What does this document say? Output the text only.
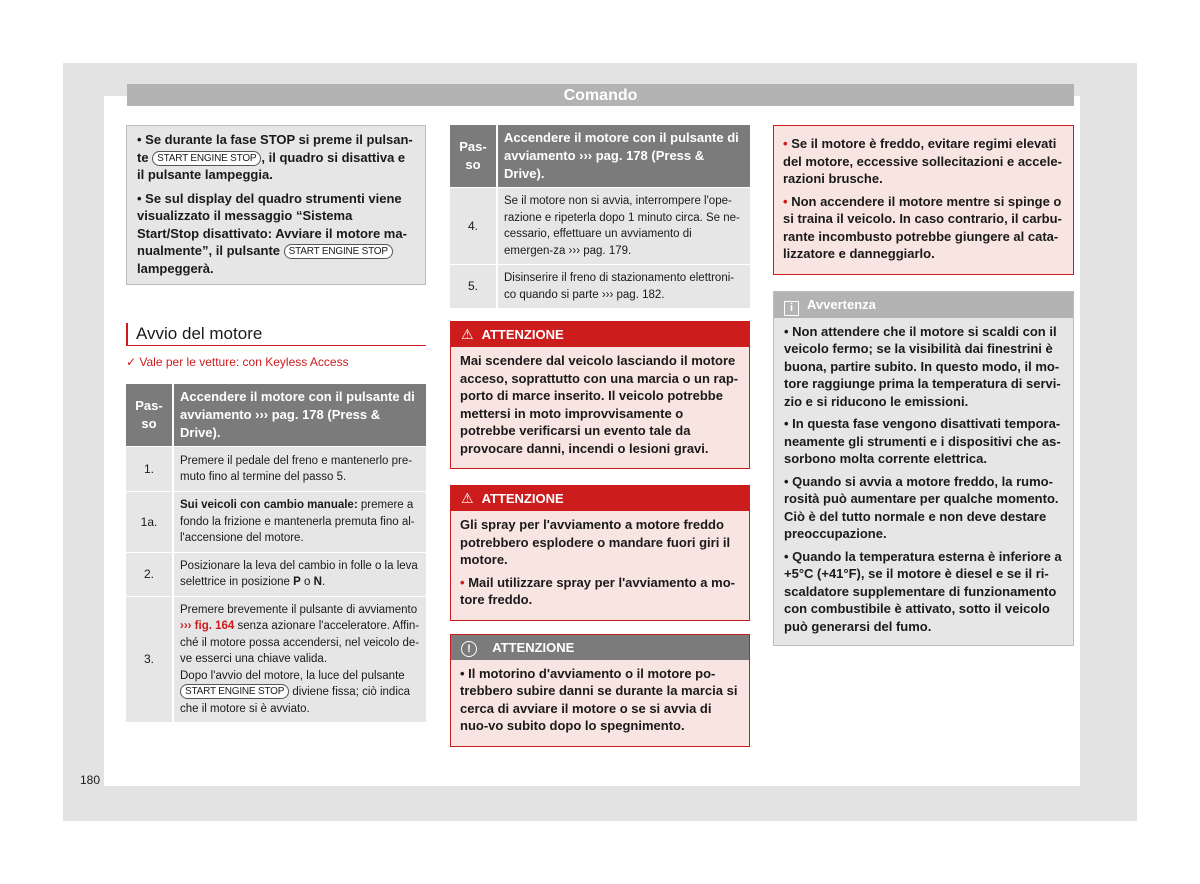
Comando

• Se durante la fase STOP si preme il pulsan-te START ENGINE STOP , il quadro si disattiva e il pulsante lampeggia.

• Se sul display del quadro strumenti viene visualizzato il messaggio “Sistema Start/Stop disattivato: Avviare il motore ma-nualmente”, il pulsante START ENGINE STOP lampeggerà.

Avvio del motore
✓ Vale per le vetture: con Keyless Access
Pas-so	Accendere il motore con il pulsante di avviamento ››› pag. 178 (Press & Drive).
1.	Premere il pedale del freno e mantenerlo pre-muto fino al termine del passo 5.
1a.	Sui veicoli con cambio manuale: premere a fondo la frizione e mantenerla premuta fino al-l'accensione del motore.
2.	Posizionare la leva del cambio in folle o la leva selettrice in posizione P o N.
3.	Premere brevemente il pulsante di avviamento ››› fig. 164 senza azionare l'acceleratore. Affin-ché il motore possa accendersi, nel veicolo de-ve esserci una chiave valida.
Dopo l'avvio del motore, la luce del pulsante START ENGINE STOP diviene fissa; ciò indica che il motore si è avviato.
Pas-so	Accendere il motore con il pulsante di avviamento ››› pag. 178 (Press & Drive).
4.	Se il motore non si avvia, interrompere l'ope-razione e ripeterla dopo 1 minuto circa. Se ne-cessario, effettuare un avviamento di emergen-za ››› pag. 179.
5.	Disinserire il freno di stazionamento elettroni-co quando si parte ››› pag. 182.
⚠ ATTENZIONE

Mai scendere dal veicolo lasciando il motore acceso, soprattutto con una marcia o un rap-porto di marce inserito. Il veicolo potrebbe mettersi in moto improvvisamente o potrebbe verificarsi un evento tale da provocare danni, incendi o lesioni gravi.

⚠ ATTENZIONE

Gli spray per l'avviamento a motore freddo potrebbero esplodere o mandare fuori giri il motore.

• Mail utilizzare spray per l'avviamento a mo-tore freddo.

! ATTENZIONE

• Il motorino d'avviamento o il motore po-trebbero subire danni se durante la marcia si cerca di avviare il motore o se si avvia di nuo-vo subito dopo lo spegnimento.

• Se il motore è freddo, evitare regimi elevati del motore, eccessive sollecitazioni e accele-razioni brusche.

• Non accendere il motore mentre si spinge o si traina il veicolo. In caso contrario, il carbu-rante incombusto potrebbe giungere al cata-lizzatore e danneggiarlo.

i Avvertenza

• Non attendere che il motore si scaldi con il veicolo fermo; se la visibilità dai finestrini è buona, partire subito. In questo modo, il mo-tore raggiunge prima la temperatura di servi-zio e si riducono le emissioni.

• In questa fase vengono disattivati tempora-neamente gli strumenti e i dispositivi che as-sorbono molta corrente elettrica.

• Quando si avvia a motore freddo, la rumo-rosità può aumentare per qualche momento. Ciò è del tutto normale e non deve destare preoccupazione.

• Quando la temperatura esterna è inferiore a +5°C (+41°F), se il motore è diesel e se il ri-scaldatore supplementare di funzionamento con combustibile è attivato, sotto il veicolo può generarsi del fumo.

180
